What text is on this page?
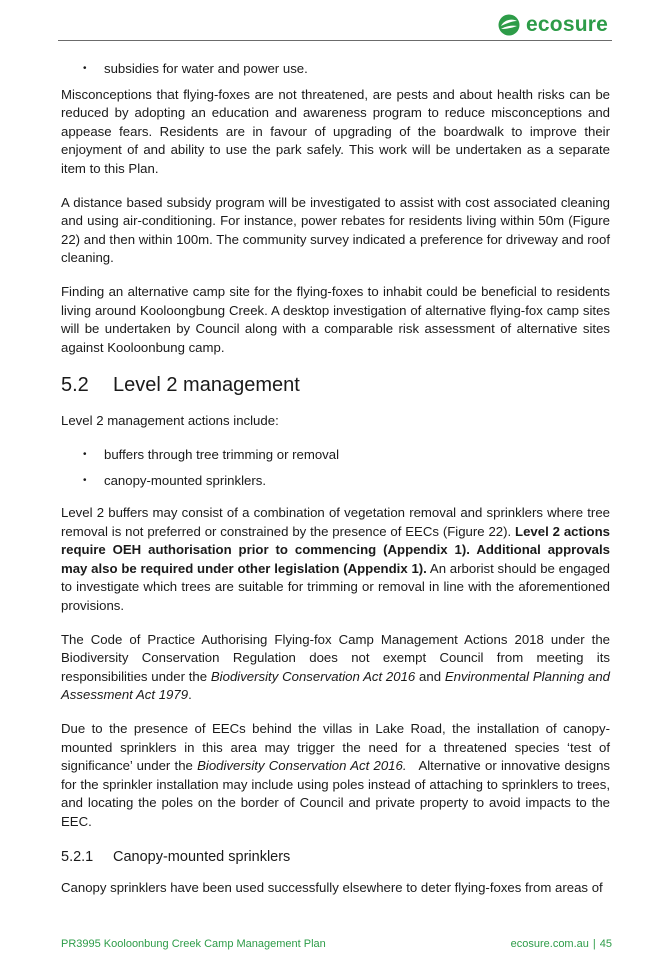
ecosure
• subsidies for water and power use.

Misconceptions that flying-foxes are not threatened, are pests and about health risks can be reduced by adopting an education and awareness program to reduce misconceptions and appease fears. Residents are in favour of upgrading of the boardwalk to improve their enjoyment of and ability to use the park safely. This work will be undertaken as a separate item to this Plan.

A distance based subsidy program will be investigated to assist with cost associated cleaning and using air-conditioning. For instance, power rebates for residents living within 50m (Figure 22) and then within 100m. The community survey indicated a preference for driveway and roof cleaning.

Finding an alternative camp site for the flying-foxes to inhabit could be beneficial to residents living around Kooloongbung Creek. A desktop investigation of alternative flying-fox camp sites will be undertaken by Council along with a comparable risk assessment of alternative sites against Kooloonbung camp.

5.2 Level 2 management

Level 2 management actions include:

• buffers through tree trimming or removal
• canopy-mounted sprinklers.

Level 2 buffers may consist of a combination of vegetation removal and sprinklers where tree removal is not preferred or constrained by the presence of EECs (Figure 22). Level 2 actions require OEH authorisation prior to commencing (Appendix 1). Additional approvals may also be required under other legislation (Appendix 1). An arborist should be engaged to investigate which trees are suitable for trimming or removal in line with the aforementioned provisions.

The Code of Practice Authorising Flying-fox Camp Management Actions 2018 under the Biodiversity Conservation Regulation does not exempt Council from meeting its responsibilities under the Biodiversity Conservation Act 2016 and Environmental Planning and Assessment Act 1979.

Due to the presence of EECs behind the villas in Lake Road, the installation of canopy-mounted sprinklers in this area may trigger the need for a threatened species ‘test of significance’ under the Biodiversity Conservation Act 2016.   Alternative or innovative designs for the sprinkler installation may include using poles instead of attaching to sprinklers to trees, and locating the poles on the border of Council and private property to avoid impacts to the EEC.

5.2.1 Canopy-mounted sprinklers

Canopy sprinklers have been used successfully elsewhere to deter flying-foxes from areas of

PR3995 Kooloonbung Creek Camp Management Plan	ecosure.com.au | 45
